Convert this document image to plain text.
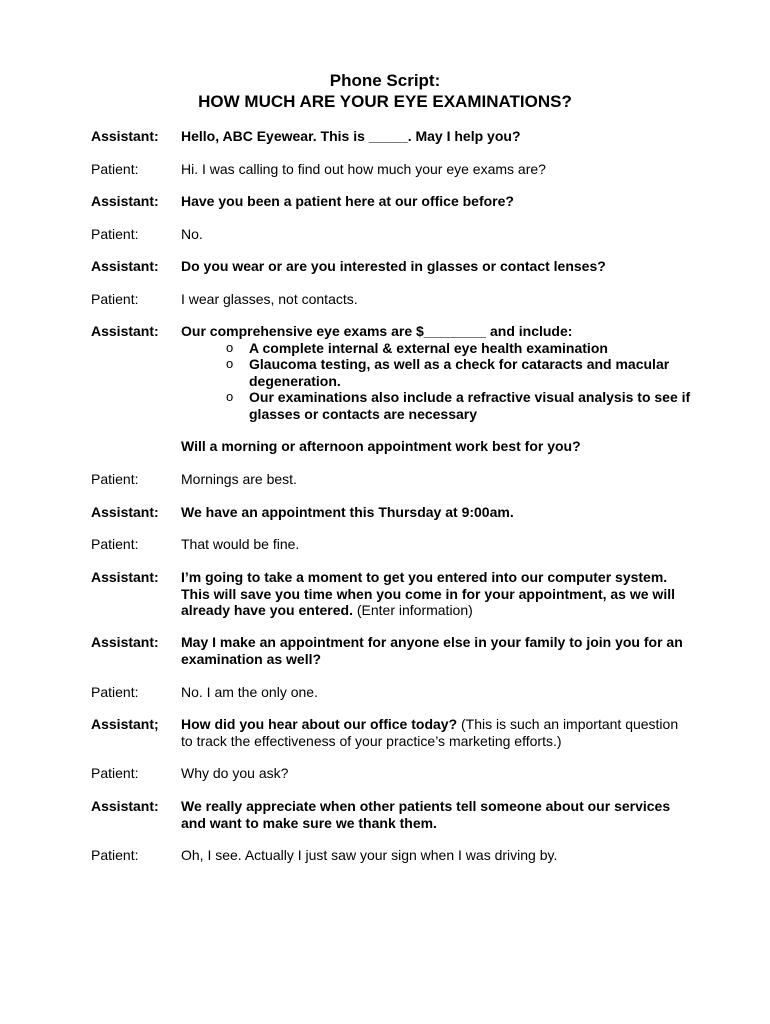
Phone Script:
HOW MUCH ARE YOUR EYE EXAMINATIONS?
Assistant: Hello, ABC Eyewear. This is _____. May I help you?
Patient:	Hi. I was calling to find out how much your eye exams are?
Assistant: Have you been a patient here at our office before?
Patient:	No.
Assistant: Do you wear or are you interested in glasses or contact lenses?
Patient:	I wear glasses, not contacts.
Assistant: Our comprehensive eye exams are $________ and include:
o A complete internal & external eye health examination
o Glaucoma testing, as well as a check for cataracts and macular degeneration.
o Our examinations also include a refractive visual analysis to see if glasses or contacts are necessary
Will a morning or afternoon appointment work best for you?
Patient:	Mornings are best.
Assistant: We have an appointment this Thursday at 9:00am.
Patient:	That would be fine.
Assistant: I’m going to take a moment to get you entered into our computer system. This will save you time when you come in for your appointment, as we will already have you entered. (Enter information)
Assistant: May I make an appointment for anyone else in your family to join you for an examination as well?
Patient:	No. I am the only one.
Assistant; How did you hear about our office today? (This is such an important question to track the effectiveness of your practice’s marketing efforts.)
Patient:	Why do you ask?
Assistant: We really appreciate when other patients tell someone about our services and want to make sure we thank them.
Patient:	Oh, I see. Actually I just saw your sign when I was driving by.
